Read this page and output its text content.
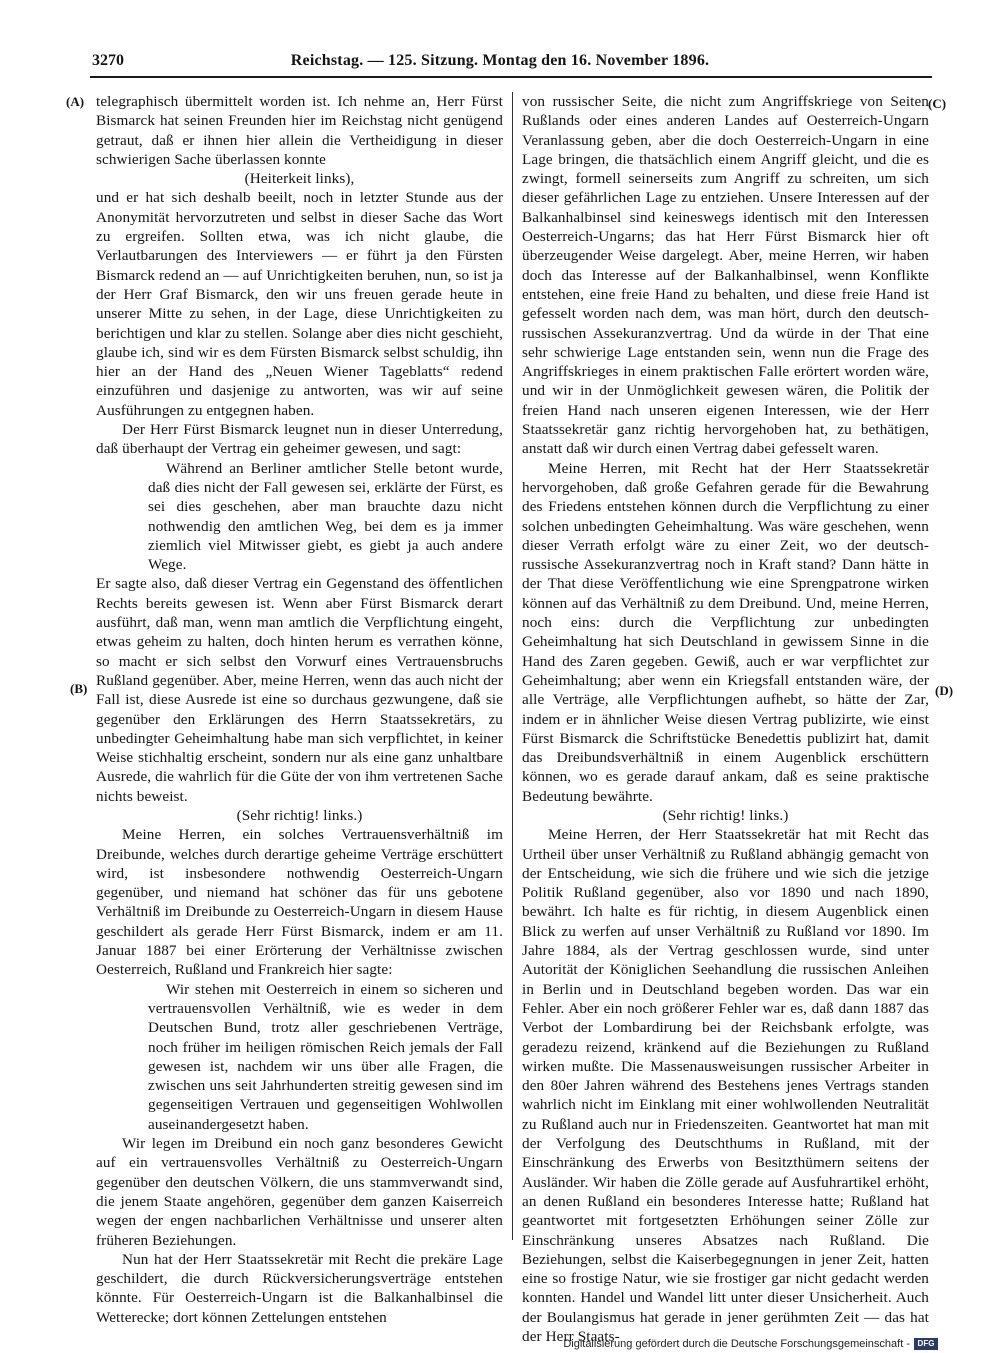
3270	Reichstag. — 125. Sitzung. Montag den 16. November 1896.
(A)
(B)
(C)
(D)

telegraphisch übermittelt worden ist. Ich nehme an, Herr Fürst Bismarck hat seinen Freunden hier im Reichstag nicht genügend getraut, daß er ihnen hier allein die Vertheidigung in dieser schwierigen Sache überlassen konnte

(Heiterkeit links),

und er hat sich deshalb beeilt, noch in letzter Stunde aus der Anonymität hervorzutreten und selbst in dieser Sache das Wort zu ergreifen. Sollten etwa, was ich nicht glaube, die Verlautbarungen des Interviewers — er führt ja den Fürsten Bismarck redend an — auf Unrichtigkeiten beruhen, nun, so ist ja der Herr Graf Bismarck, den wir uns freuen gerade heute in unserer Mitte zu sehen, in der Lage, diese Unrichtigkeiten zu berichtigen und klar zu stellen. Solange aber dies nicht geschieht, glaube ich, sind wir es dem Fürsten Bismarck selbst schuldig, ihn hier an der Hand des „Neuen Wiener Tageblatts“ redend einzuführen und dasjenige zu antworten, was wir auf seine Ausführungen zu entgegnen haben.

Der Herr Fürst Bismarck leugnet nun in dieser Unterredung, daß überhaupt der Vertrag ein geheimer gewesen, und sagt:

Während an Berliner amtlicher Stelle betont wurde, daß dies nicht der Fall gewesen sei, erklärte der Fürst, es sei dies geschehen, aber man brauchte dazu nicht nothwendig den amtlichen Weg, bei dem es ja immer ziemlich viel Mitwisser giebt, es giebt ja auch andere Wege.

Er sagte also, daß dieser Vertrag ein Gegenstand des öffentlichen Rechts bereits gewesen ist. Wenn aber Fürst Bismarck derart ausführt, daß man, wenn man amtlich die Verpflichtung eingeht, etwas geheim zu halten, doch hinten herum es verrathen könne, so macht er sich selbst den Vorwurf eines Vertrauensbruchs Rußland gegenüber. Aber, meine Herren, wenn das auch nicht der Fall ist, diese Ausrede ist eine so durchaus gezwungene, daß sie gegenüber den Erklärungen des Herrn Staatssekretärs, zu unbedingter Geheimhaltung habe man sich verpflichtet, in keiner Weise stichhaltig erscheint, sondern nur als eine ganz unhaltbare Ausrede, die wahrlich für die Güte der von ihm vertretenen Sache nichts beweist.

(Sehr richtig! links.)

Meine Herren, ein solches Vertrauensverhältniß im Dreibunde, welches durch derartige geheime Verträge erschüttert wird, ist insbesondere nothwendig Oesterreich-Ungarn gegenüber, und niemand hat schöner das für uns gebotene Verhältniß im Dreibunde zu Oesterreich-Ungarn in diesem Hause geschildert als gerade Herr Fürst Bismarck, indem er am 11. Januar 1887 bei einer Erörterung der Verhältnisse zwischen Oesterreich, Rußland und Frankreich hier sagte:

Wir stehen mit Oesterreich in einem so sicheren und vertrauensvollen Verhältniß, wie es weder in dem Deutschen Bund, trotz aller geschriebenen Verträge, noch früher im heiligen römischen Reich jemals der Fall gewesen ist, nachdem wir uns über alle Fragen, die zwischen uns seit Jahrhunderten streitig gewesen sind im gegenseitigen Vertrauen und gegenseitigen Wohlwollen auseinandergesetzt haben.

Wir legen im Dreibund ein noch ganz besonderes Gewicht auf ein vertrauensvolles Verhältniß zu Oesterreich-Ungarn gegenüber den deutschen Völkern, die uns stammverwandt sind, die jenem Staate angehören, gegenüber dem ganzen Kaiserreich wegen der engen nachbarlichen Verhältnisse und unserer alten früheren Beziehungen.

Nun hat der Herr Staatssekretär mit Recht die prekäre Lage geschildert, die durch Rückversicherungsverträge entstehen könnte. Für Oesterreich-Ungarn ist die Balkanhalbinsel die Wetterecke; dort können Zettelungen entstehen

von russischer Seite, die nicht zum Angriffskriege von Seiten Rußlands oder eines anderen Landes auf Oesterreich-Ungarn Veranlassung geben, aber die doch Oesterreich-Ungarn in eine Lage bringen, die thatsächlich einem Angriff gleicht, und die es zwingt, formell seinerseits zum Angriff zu schreiten, um sich dieser gefährlichen Lage zu entziehen. Unsere Interessen auf der Balkanhalbinsel sind keineswegs identisch mit den Interessen Oesterreich-Ungarns; das hat Herr Fürst Bismarck hier oft überzeugender Weise dargelegt. Aber, meine Herren, wir haben doch das Interesse auf der Balkanhalbinsel, wenn Konflikte entstehen, eine freie Hand zu behalten, und diese freie Hand ist gefesselt worden nach dem, was man hört, durch den deutsch-russischen Assekuranzvertrag. Und da würde in der That eine sehr schwierige Lage entstanden sein, wenn nun die Frage des Angriffskrieges in einem praktischen Falle erörtert worden wäre, und wir in der Unmöglichkeit gewesen wären, die Politik der freien Hand nach unseren eigenen Interessen, wie der Herr Staatssekretär ganz richtig hervorgehoben hat, zu bethätigen, anstatt daß wir durch einen Vertrag dabei gefesselt waren.

Meine Herren, mit Recht hat der Herr Staatssekretär hervorgehoben, daß große Gefahren gerade für die Bewahrung des Friedens entstehen können durch die Verpflichtung zu einer solchen unbedingten Geheimhaltung. Was wäre geschehen, wenn dieser Verrath erfolgt wäre zu einer Zeit, wo der deutsch-russische Assekuranzvertrag noch in Kraft stand? Dann hätte in der That diese Veröffentlichung wie eine Sprengpatrone wirken können auf das Verhältniß zu dem Dreibund. Und, meine Herren, noch eins: durch die Verpflichtung zur unbedingten Geheimhaltung hat sich Deutschland in gewissem Sinne in die Hand des Zaren gegeben. Gewiß, auch er war verpflichtet zur Geheimhaltung; aber wenn ein Kriegsfall entstanden wäre, der alle Verträge, alle Verpflichtungen aufhebt, so hätte der Zar, indem er in ähnlicher Weise diesen Vertrag publizirte, wie einst Fürst Bismarck die Schriftstücke Benedettis publizirt hat, damit das Dreibundsverhältniß in einem Augenblick erschüttern können, wo es gerade darauf ankam, daß es seine praktische Bedeutung bewährte.

(Sehr richtig! links.)

Meine Herren, der Herr Staatssekretär hat mit Recht das Urtheil über unser Verhältniß zu Rußland abhängig gemacht von der Entscheidung, wie sich die frühere und wie sich die jetzige Politik Rußland gegenüber, also vor 1890 und nach 1890, bewährt. Ich halte es für richtig, in diesem Augenblick einen Blick zu werfen auf unser Verhältniß zu Rußland vor 1890. Im Jahre 1884, als der Vertrag geschlossen wurde, sind unter Autorität der Königlichen Seehandlung die russischen Anleihen in Berlin und in Deutschland begeben worden. Das war ein Fehler. Aber ein noch größerer Fehler war es, daß dann 1887 das Verbot der Lombardirung bei der Reichsbank erfolgte, was geradezu reizend, kränkend auf die Beziehungen zu Rußland wirken mußte. Die Massenausweisungen russischer Arbeiter in den 80er Jahren während des Bestehens jenes Vertrags standen wahrlich nicht im Einklang mit einer wohlwollenden Neutralität zu Rußland auch nur in Friedenszeiten. Geantwortet hat man mit der Verfolgung des Deutschthums in Rußland, mit der Einschränkung des Erwerbs von Besitzthümern seitens der Ausländer. Wir haben die Zölle gerade auf Ausfuhrartikel erhöht, an denen Rußland ein besonderes Interesse hatte; Rußland hat geantwortet mit fortgesetzten Erhöhungen seiner Zölle zur Einschränkung unseres Absatzes nach Rußland. Die Beziehungen, selbst die Kaiserbegegnungen in jener Zeit, hatten eine so frostige Natur, wie sie frostiger gar nicht gedacht werden konnten. Handel und Wandel litt unter dieser Unsicherheit. Auch der Boulangismus hat gerade in jener gerühmten Zeit — das hat der Herr Staats-

Digitalisierung gefördert durch die Deutsche Forschungsgemeinschaft - DFG
